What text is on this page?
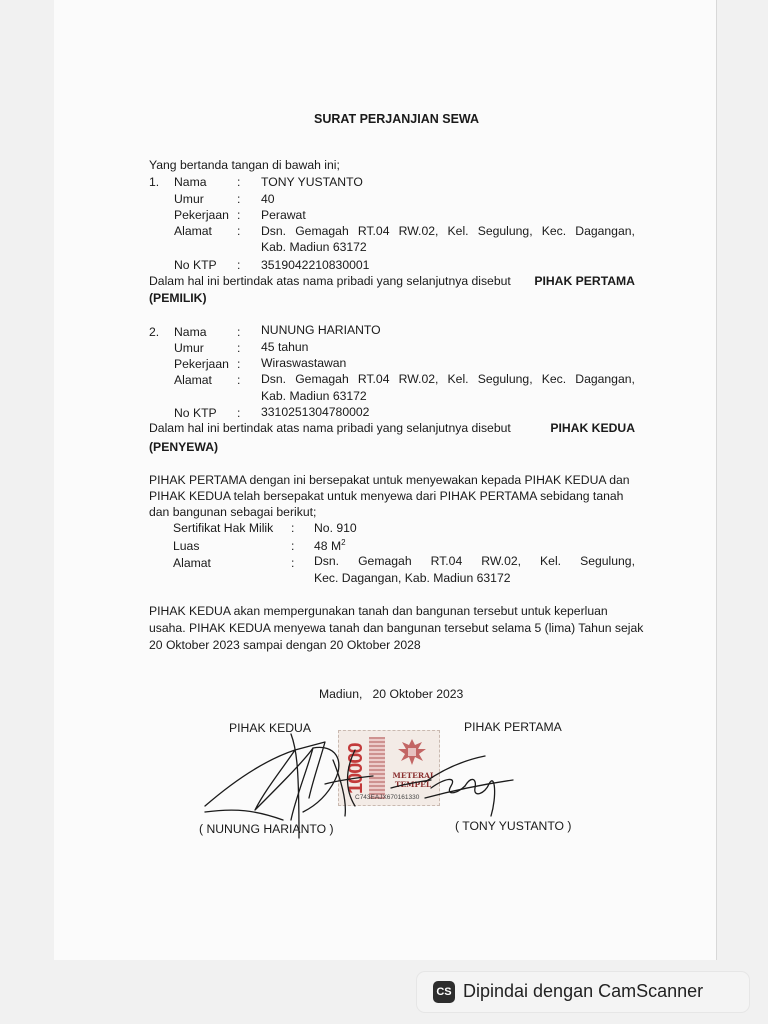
SURAT PERJANJIAN SEWA
Yang bertanda tangan di bawah ini;
1. Nama : TONY YUSTANTO
Umur	: 40
Pekerjaan : Perawat
Alamat : Dsn. Gemagah RT.04 RW.02, Kel. Segulung, Kec. Dagangan,
Kab. Madiun 63172
No KTP : 3519042210830001
Dalam hal ini bertindak atas nama pribadi yang selanjutnya disebut PIHAK PERTAMA
(PEMILIK)
2. Nama : NUNUNG HARIANTO
Umur	: 45 tahun
Pekerjaan : Wiraswastawan
Alamat : Dsn. Gemagah RT.04 RW.02, Kel. Segulung, Kec. Dagangan,
Kab. Madiun 63172
No KTP : 3310251304780002
Dalam hal ini bertindak atas nama pribadi yang selanjutnya disebut	PIHAK KEDUA
(PENYEWA)
PIHAK PERTAMA dengan ini bersepakat untuk menyewakan kepada PIHAK KEDUA dan
PIHAK KEDUA telah bersepakat untuk menyewa dari PIHAK PERTAMA sebidang tanah
dan bangunan sebagai berikut;
Sertifikat Hak Milik : No. 910
Luas	: 48 $M^2$
Alamat	: Dsn. Gemagah RT.04 RW.02, Kel. Segulung,
Kec. Dagangan, Kab. Madiun 63172
PIHAK KEDUA akan mempergunakan tanah dan bangunan tersebut untuk keperluan
usaha. PIHAK KEDUA menyewa tanah dan bangunan tersebut selama 5 (lima) Tahun sejak
20 Oktober 2023 sampai dengan 20 Oktober 2028
Madiun,   20 Oktober 2023
PIHAK KEDUA	PIHAK PERTAMA
10000	METERAI
TEMPEL
C743EAJX670161330
( NUNUNG HARIANTO )	( TONY YUSTANTO )
CS Dipindai dengan CamScanner
